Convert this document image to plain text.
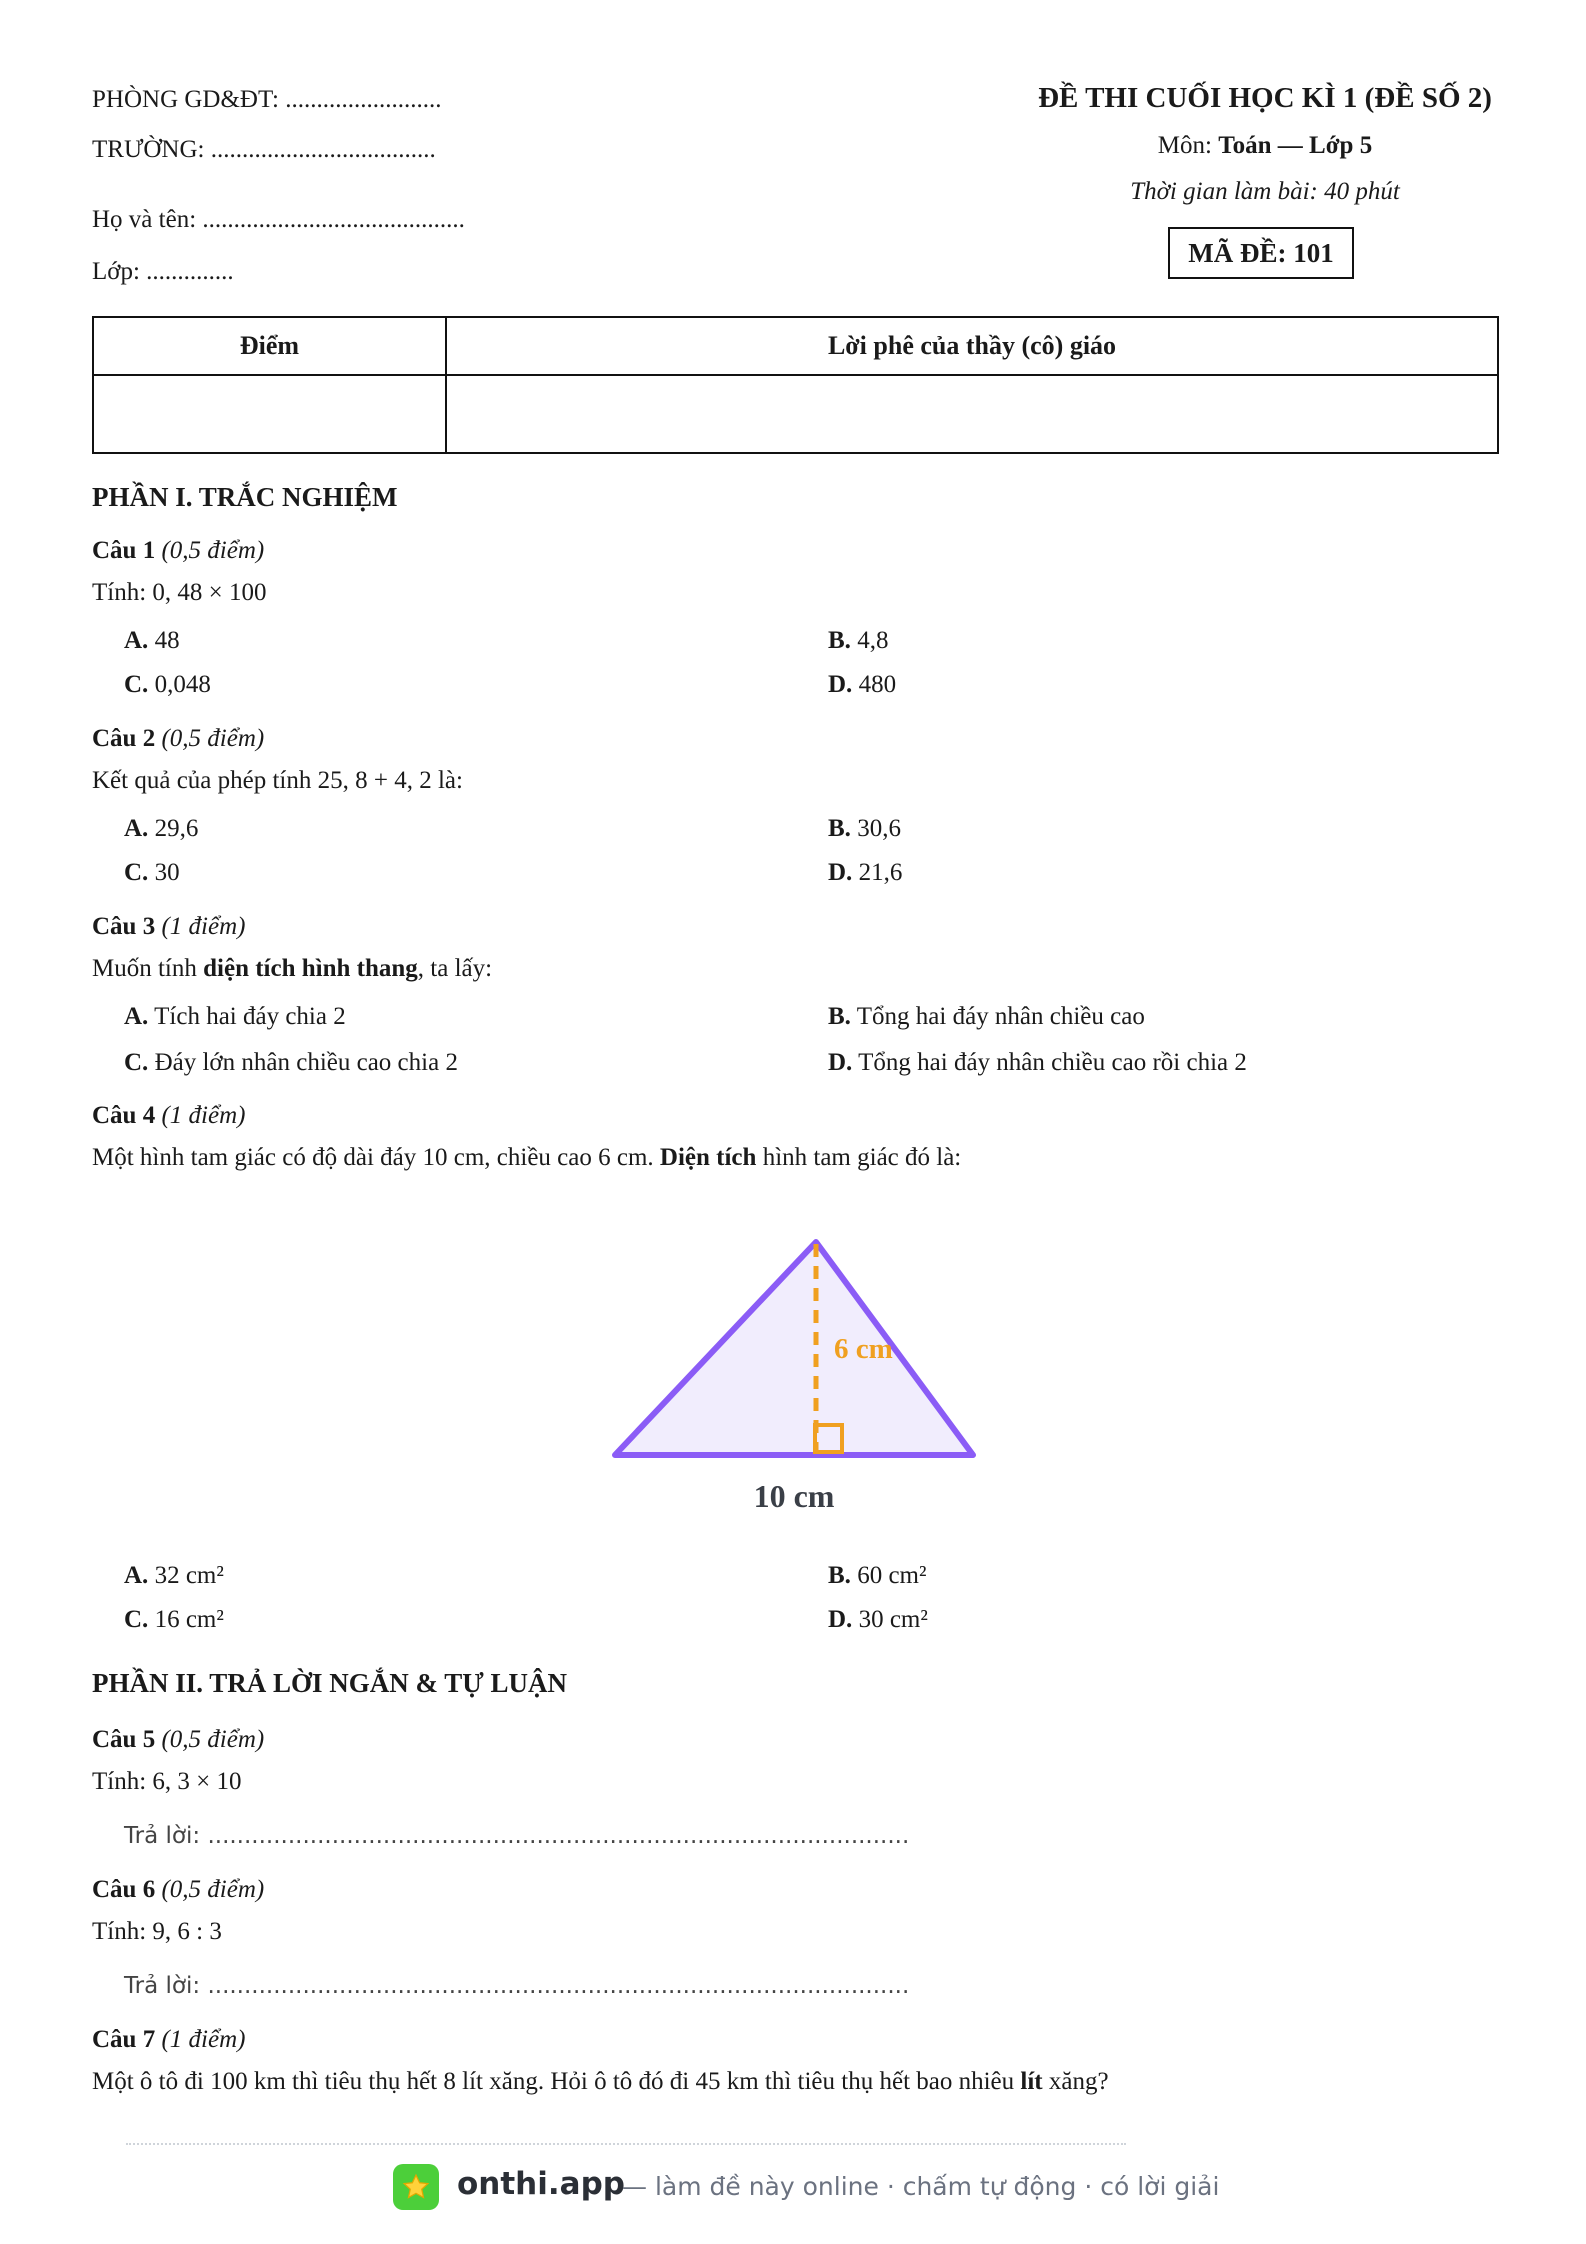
PHÒNG GD&ĐT: .........................
TRƯỜNG: ....................................
Họ và tên: ..........................................
Lớp: ..............
ĐỀ THI CUỐI HỌC KÌ 1 (ĐỀ SỐ 2)
Môn: Toán — Lớp 5
Thời gian làm bài: 40 phút
MÃ ĐỀ: 101
Điểm	Lời phê của thầy (cô) giáo

PHẦN I. TRẮC NGHIỆM
Câu 1 (0,5 điểm)
Tính: 0, 48 × 100
A. 48	B. 4,8
C. 0,048	D. 480
Câu 2 (0,5 điểm)
Kết quả của phép tính 25, 8 + 4, 2 là:
A. 29,6	B. 30,6
C. 30	D. 21,6
Câu 3 (1 điểm)
Muốn tính diện tích hình thang, ta lấy:
A. Tích hai đáy chia 2	B. Tổng hai đáy nhân chiều cao
C. Đáy lớn nhân chiều cao chia 2	D. Tổng hai đáy nhân chiều cao rồi chia 2
Câu 4 (1 điểm)
Một hình tam giác có độ dài đáy 10 cm, chiều cao 6 cm. Diện tích hình tam giác đó là:
6 cm
10 cm
A. 32 cm²	B. 60 cm²
C. 16 cm²	D. 30 cm²
PHẦN II. TRẢ LỜI NGẮN & TỰ LUẬN
Câu 5 (0,5 điểm)
Tính: 6, 3 × 10
Trả lời: ................................................................................................
Câu 6 (0,5 điểm)
Tính: 9, 6 : 3
Trả lời: ................................................................................................
Câu 7 (1 điểm)
Một ô tô đi 100 km thì tiêu thụ hết 8 lít xăng. Hỏi ô tô đó đi 45 km thì tiêu thụ hết bao nhiêu lít xăng?
onthi.app
— làm đề này online · chấm tự động · có lời giải
